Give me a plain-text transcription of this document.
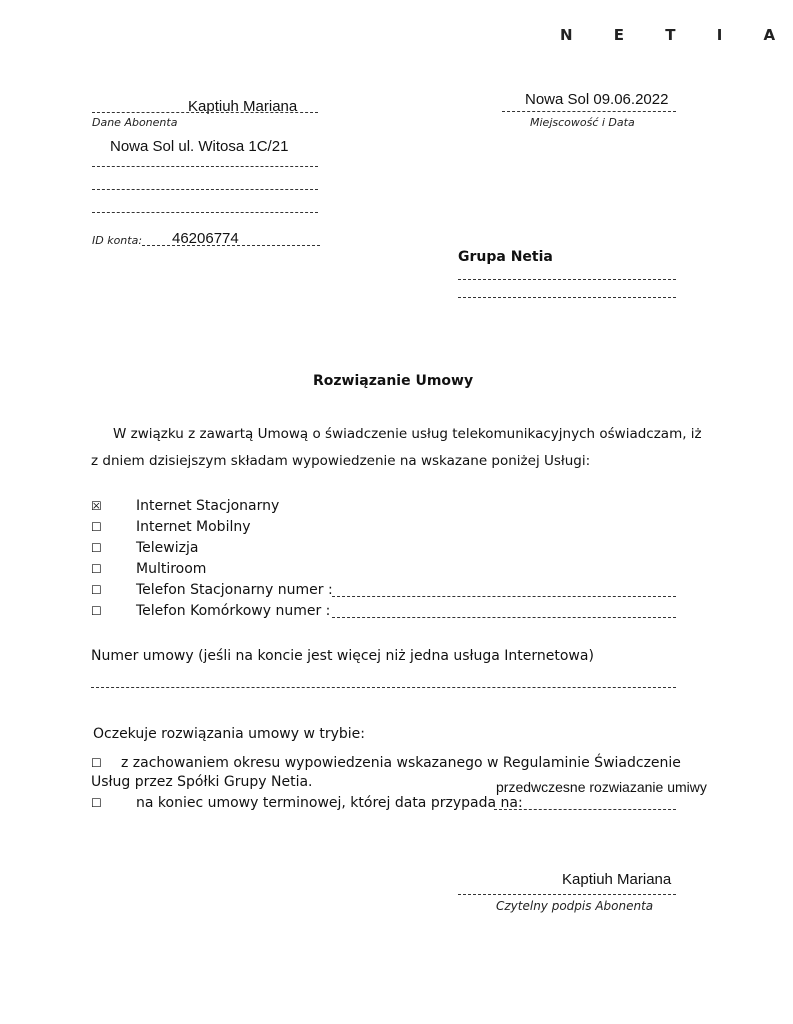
N E T I A
Kaptiuh Mariana
Dane Abonenta
Nowa Sol ul. Witosa 1C/21
ID konta: 46206774
Nowa Sol 09.06.2022
Miejscowość i Data
Grupa Netia
Rozwiązanie Umowy
W związku z zawartą Umową o świadczenie usług telekomunikacyjnych oświadczam, iż
z dniem dzisiejszym składam wypowiedzenie na wskazane poniżej Usługi:
☒ Internet Stacjonarny
☐ Internet Mobilny
☐ Telewizja
☐ Multiroom
☐ Telefon Stacjonarny numer :
☐ Telefon Komórkowy numer :
Numer umowy (jeśli na koncie jest więcej niż jedna usługa Internetowa)
Oczekuje rozwiązania umowy w trybie:
☐ z zachowaniem okresu wypowiedzenia wskazanego w Regulaminie Świadczenie
Usług przez Spółki Grupy Netia.	przedwczesne rozwiazanie umiwy
☐ na koniec umowy terminowej, której data przypada na:
Kaptiuh Mariana
Czytelny podpis Abonenta
